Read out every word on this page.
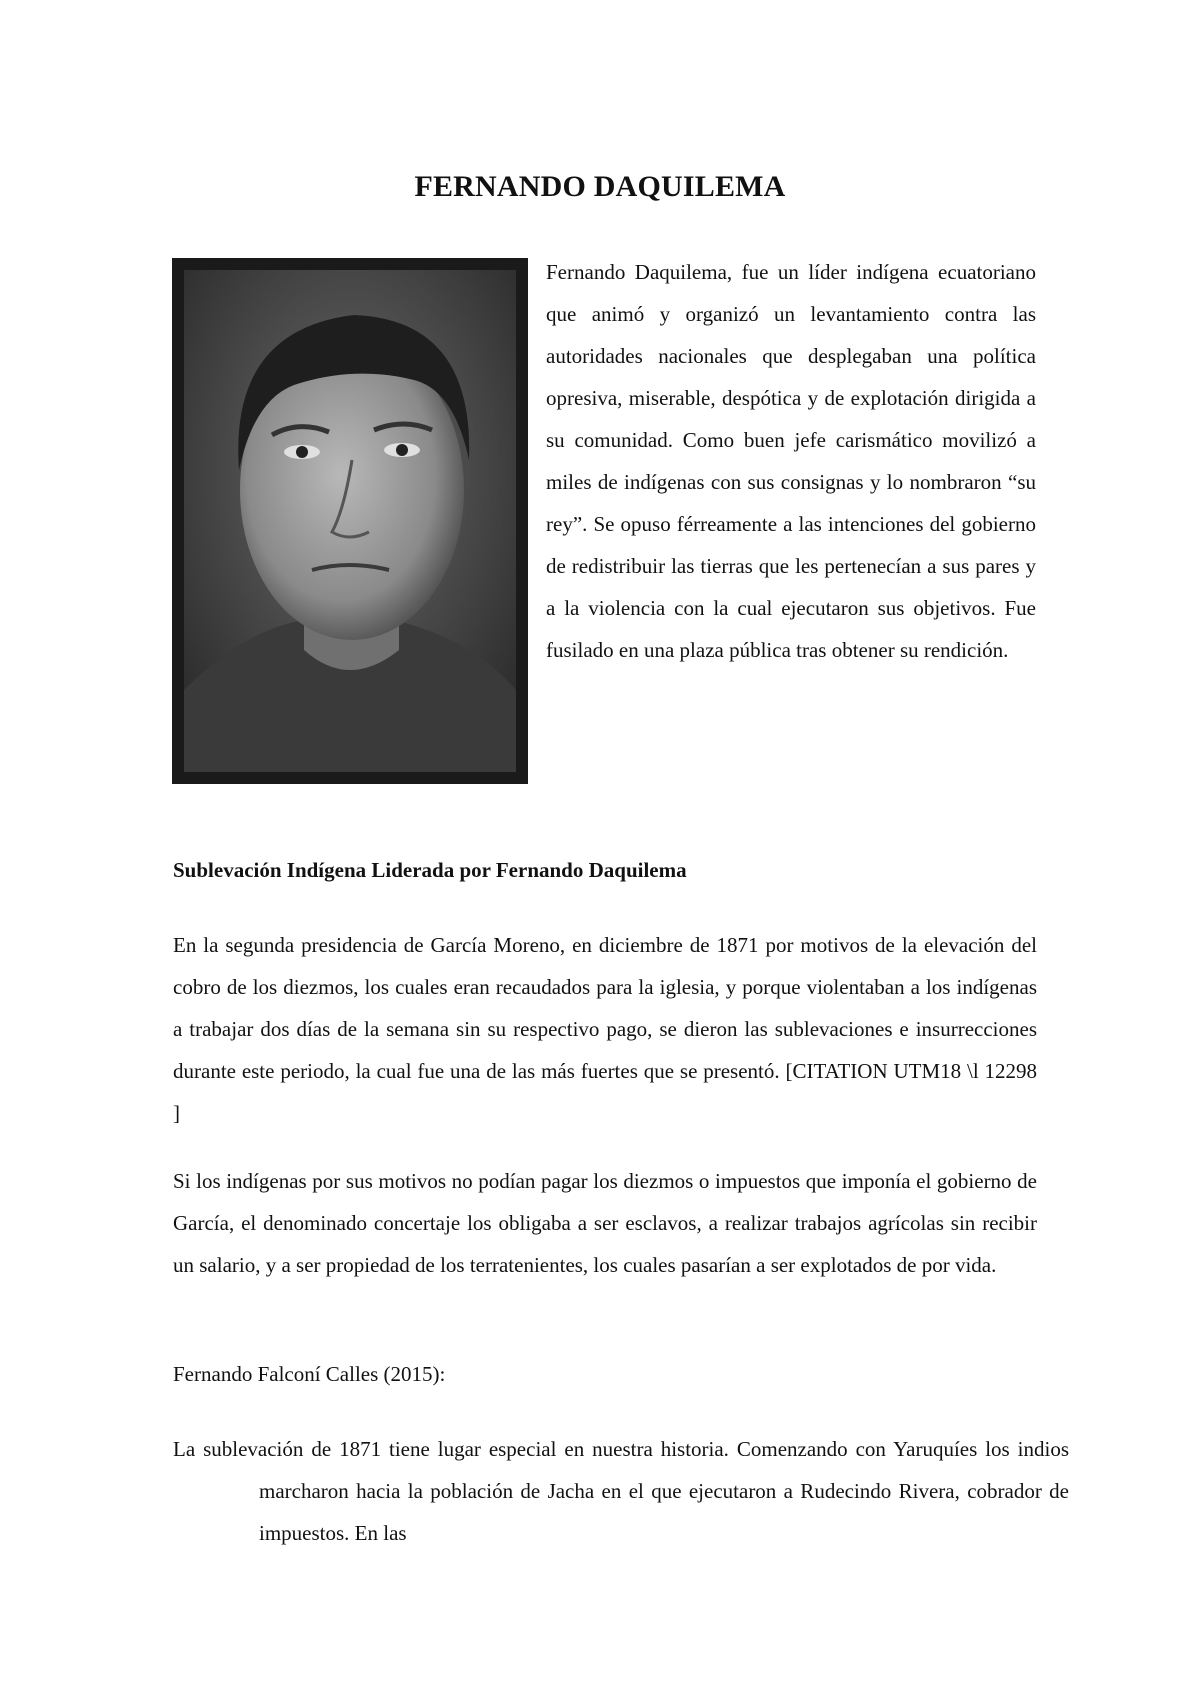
FERNANDO DAQUILEMA

Fernando Daquilema, fue un líder indígena ecuatoriano que animó y organizó un levantamiento contra las autoridades nacionales que desplegaban una política opresiva, miserable, despótica y de explotación dirigida a su comunidad. Como buen jefe carismático movilizó a miles de indígenas con sus consignas y lo nombraron “su rey”. Se opuso férreamente a las intenciones del gobierno de redistribuir las tierras que les pertenecían a sus pares y a la violencia con la cual ejecutaron sus objetivos. Fue fusilado en una plaza pública tras obtener su rendición.

Sublevación Indígena Liderada por Fernando Daquilema

En la segunda presidencia de García Moreno, en diciembre de 1871 por motivos de la elevación del cobro de los diezmos, los cuales eran recaudados para la iglesia, y porque violentaban a los indígenas a trabajar dos días de la semana sin su respectivo pago, se dieron las sublevaciones e insurrecciones durante este periodo, la cual fue una de las más fuertes que se presentó. [CITATION UTM18 \l 12298 ]

Si los indígenas por sus motivos no podían pagar los diezmos o impuestos que imponía el gobierno de García, el denominado concertaje los obligaba a ser esclavos, a realizar trabajos agrícolas sin recibir un salario, y a ser propiedad de los terratenientes, los cuales pasarían a ser explotados de por vida.

Fernando Falconí Calles (2015):

La sublevación de 1871 tiene lugar especial en nuestra historia. Comenzando con Yaruquíes los indios marcharon hacia la población de Jacha en el que ejecutaron a Rudecindo Rivera, cobrador de impuestos. En las
